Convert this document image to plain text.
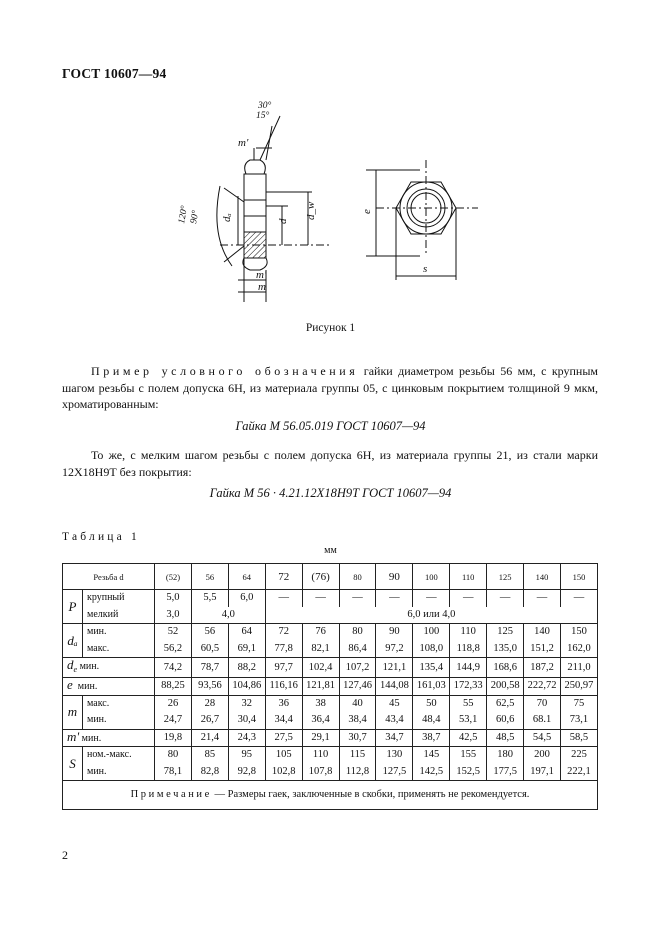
ГОСТ 10607—94
30°
15°
120° 90°
m'
dₐ	d
d_w
m'
m
e
s
Рисунок 1
Пример условного обозначения гайки диаметром резьбы 56 мм, с крупным шагом резьбы с полем допуска 6Н, из материала группы 05, с цинковым покрытием толщиной 9 мкм, хроматированным:
Гайка М 56.05.019 ГОСТ 10607—94
То же, с мелким шагом резьбы с полем допуска 6Н, из материала группы 21, из стали марки 12Х18Н9Т без покрытия:
Гайка М 56 · 4.21.12Х18Н9Т ГОСТ 10607—94
Таблица 1
мм
Резьба d		(52)	56	64	72	(76)	80	90	100	110	125	140	150
P	крупный	5,0	5,5	6,0	—	—	—	—	—	—	—	—	—
	мелкий	3,0	4,0		6,0 или 4,0								
dₐ	мин.	52	56	64	72	76	80	90	100	110	125	140	150
	макс.	56,2	60,5	69,1	77,8	82,1	86,4	97,2	108,0	118,8	135,0	151,2	162,0
$d_e$ мин.		74,2	78,7	88,2	97,7	102,4	107,2	121,1	135,4	144,9	168,6	187,2	211,0
e мин.		88,25	93,56	104,86	116,16	121,81	127,46	144,08	161,03	172,33	200,58	222,72	250,97
m	макс.	26	28	32	36	38	40	45	50	55	62,5	70	75
	мин.	24,7	26,7	30,4	34,4	36,4	38,4	43,4	48,4	53,1	60,6	68.1	73,1
m' мин.		19,8	21,4	24,3	27,5	29,1	30,7	34,7	38,7	42,5	48,5	54,5	58,5
S	ном.-макс.	80	85	95	105	110	115	130	145	155	180	200	225
	мин.	78,1	82,8	92,8	102,8	107,8	112,8	127,5	142,5	152,5	177,5	197,1	222,1
Примечание — Размеры гаек, заключенные в скобки, применять не рекомендуется.													
2
